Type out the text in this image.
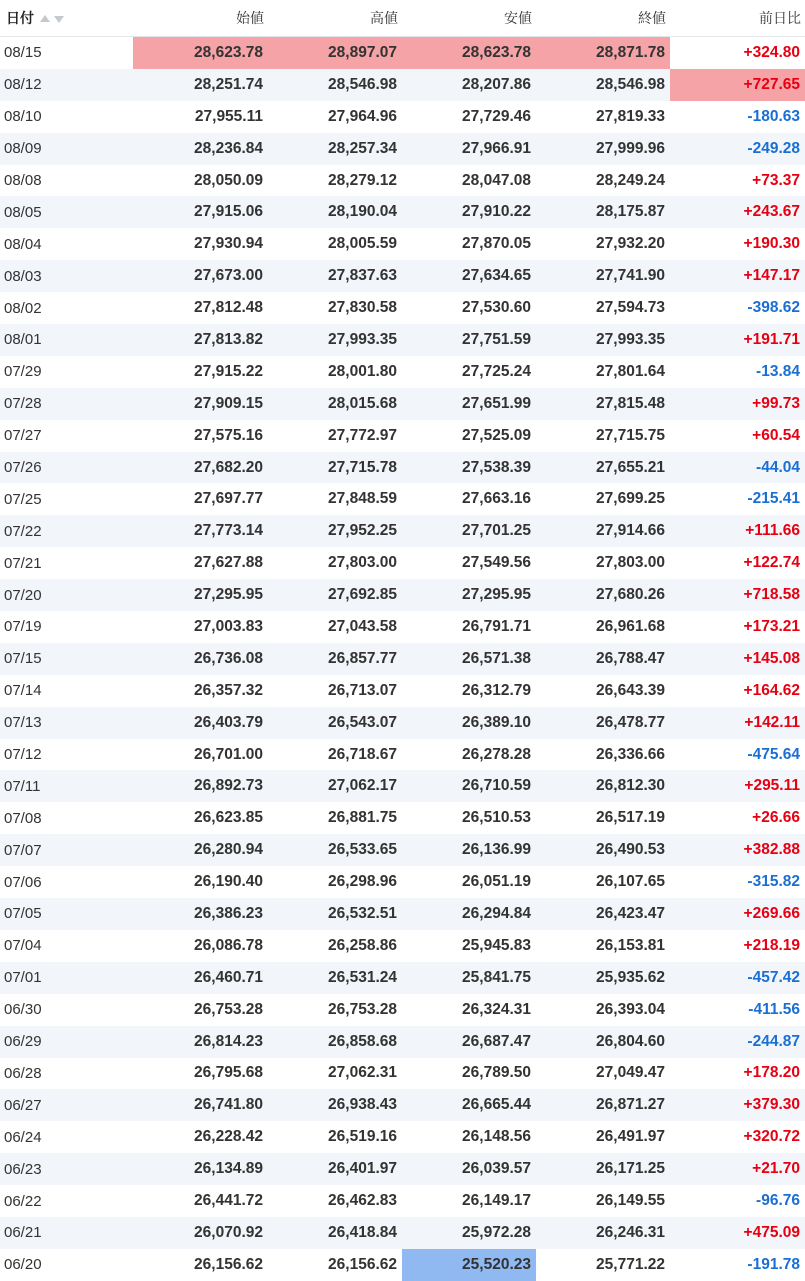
日付	始値	高値	安値	終値	前日比
08/15	28,623.78	28,897.07	28,623.78	28,871.78	+324.80
08/12	28,251.74	28,546.98	28,207.86	28,546.98	+727.65
08/10	27,955.11	27,964.96	27,729.46	27,819.33	-180.63
08/09	28,236.84	28,257.34	27,966.91	27,999.96	-249.28
08/08	28,050.09	28,279.12	28,047.08	28,249.24	+73.37
08/05	27,915.06	28,190.04	27,910.22	28,175.87	+243.67
08/04	27,930.94	28,005.59	27,870.05	27,932.20	+190.30
08/03	27,673.00	27,837.63	27,634.65	27,741.90	+147.17
08/02	27,812.48	27,830.58	27,530.60	27,594.73	-398.62
08/01	27,813.82	27,993.35	27,751.59	27,993.35	+191.71
07/29	27,915.22	28,001.80	27,725.24	27,801.64	-13.84
07/28	27,909.15	28,015.68	27,651.99	27,815.48	+99.73
07/27	27,575.16	27,772.97	27,525.09	27,715.75	+60.54
07/26	27,682.20	27,715.78	27,538.39	27,655.21	-44.04
07/25	27,697.77	27,848.59	27,663.16	27,699.25	-215.41
07/22	27,773.14	27,952.25	27,701.25	27,914.66	+111.66
07/21	27,627.88	27,803.00	27,549.56	27,803.00	+122.74
07/20	27,295.95	27,692.85	27,295.95	27,680.26	+718.58
07/19	27,003.83	27,043.58	26,791.71	26,961.68	+173.21
07/15	26,736.08	26,857.77	26,571.38	26,788.47	+145.08
07/14	26,357.32	26,713.07	26,312.79	26,643.39	+164.62
07/13	26,403.79	26,543.07	26,389.10	26,478.77	+142.11
07/12	26,701.00	26,718.67	26,278.28	26,336.66	-475.64
07/11	26,892.73	27,062.17	26,710.59	26,812.30	+295.11
07/08	26,623.85	26,881.75	26,510.53	26,517.19	+26.66
07/07	26,280.94	26,533.65	26,136.99	26,490.53	+382.88
07/06	26,190.40	26,298.96	26,051.19	26,107.65	-315.82
07/05	26,386.23	26,532.51	26,294.84	26,423.47	+269.66
07/04	26,086.78	26,258.86	25,945.83	26,153.81	+218.19
07/01	26,460.71	26,531.24	25,841.75	25,935.62	-457.42
06/30	26,753.28	26,753.28	26,324.31	26,393.04	-411.56
06/29	26,814.23	26,858.68	26,687.47	26,804.60	-244.87
06/28	26,795.68	27,062.31	26,789.50	27,049.47	+178.20
06/27	26,741.80	26,938.43	26,665.44	26,871.27	+379.30
06/24	26,228.42	26,519.16	26,148.56	26,491.97	+320.72
06/23	26,134.89	26,401.97	26,039.57	26,171.25	+21.70
06/22	26,441.72	26,462.83	26,149.17	26,149.55	-96.76
06/21	26,070.92	26,418.84	25,972.28	26,246.31	+475.09
06/20	26,156.62	26,156.62	25,520.23	25,771.22	-191.78
